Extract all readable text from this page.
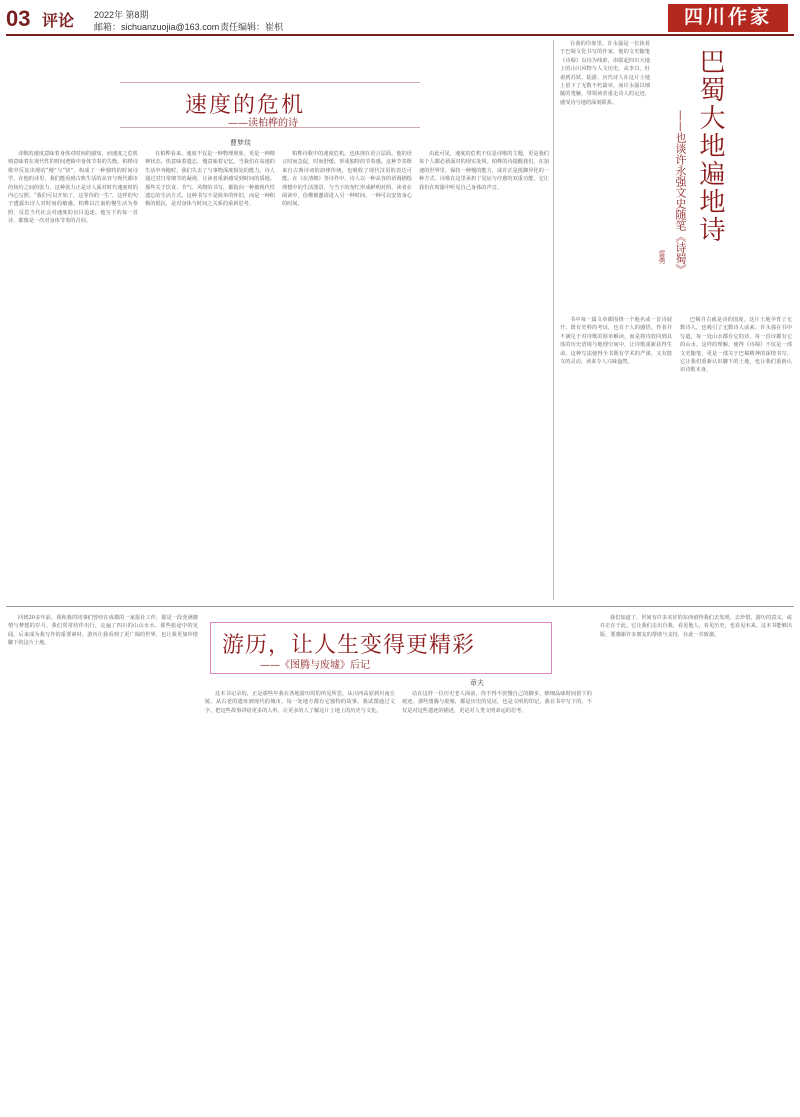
03 评论 2022年 第8期
邮箱：sichuanzuojia@163.com 责任编辑：崔枳	四川作家
速度的危机
——读柏桦的诗
曹梦琰

诗歌的速度意味着身体对时间的感知，而速度之危机则意味着在现代性的时间逻辑中身体节奏的失衡。柏桦诗歌中反复出现的“慢”与“快”，构成了一种独特的时间诗学。在他的诗里，我们能看到古典生活的从容与现代都市的焦灼之间的张力，这种张力正是诗人面对时代速度时的内心写照。“我们可以开始了，这等待的一生”，这样的句子透露出诗人对时间的敏感。柏桦以江南的慢生活为参照，反思当代社会对速度的盲目追逐。他写下的每一首诗，都像是一次对身体节奏的召回。

在柏桦看来，速度不仅是一种物理现象，更是一种精神状态。快意味着遗忘，慢意味着记忆。当我们在高速的生活中奔跑时，我们失去了与事物深度相处的能力。诗人通过对日常细节的凝视，让读者重新感受到时间的质地。那些关于饮食、节气、风物的书写，都指向一种被现代性遗忘的生活方式。这种书写不是简单的怀旧，而是一种积极的抵抗，是对身体与时间之关系的重新思考。

柏桦诗歌中的速度危机，也体现在语言层面。他的语言时而急促，时而舒缓，形成独特的节奏感。这种节奏既来自古典诗词的韵律传统，也吸收了现代汉语的表达可能。在《在清朝》等诗作中，诗人以一种从容的语调描绘理想中的生活图景，与当下的匆忙形成鲜明对照。读者在阅读中，仿佛被邀请进入另一种时间，一种可以安放身心的时间。

由此可见，速度的危机不仅是诗歌的主题，更是我们每个人都必须面对的现实处境。柏桦的诗提醒我们，在加速的世界里，保持一种慢的能力，或许正是抵御异化的一种方式。诗歌在这里承担了见证与疗愈的双重功能，它让我们在喧嚣中听见自己身体的声音。	巴蜀大地遍地诗
——也谈许永强文史随笔《诗蜀》
雷勇

在我的印象里，许永强是一位执着于巴蜀文化书写的作家。他的文史随笔《诗蜀》以诗为线索，串联起四川大地上的山川风物与人文历史。从李白、杜甫到苏轼、陆游，历代诗人在这片土地上留下了无数不朽篇章，而许永强以细腻的笔触，带领读者重走诗人的足迹，感受诗与地的深刻联系。

书中每一篇文章都围绕一个地名或一首诗展开，既有史料的考证，也有个人的感悟。作者并不满足于对诗歌的简单解读，而是将诗放回到具体的历史语境与地理空间中，让诗歌重新获得生命。这种写法使得全书既有学术的严谨，又有散文的灵动，读来令人兴味盎然。

巴蜀自古就是诗的国度。这片土地孕育了无数诗人，也吸引了无数诗人前来。许永强在书中写道，每一处山水都有它的诗，每一首诗都有它的山水。这样的理解，使得《诗蜀》不仅是一部文史随笔，更是一部关于巴蜀精神的深情书写。它让我们重新认识脚下的土地，也让我们重新认识诗歌本身。

游历，让人生变得更精彩
——《图腾与废墟》后记
章夫

回到20多年前，我和我的同事们曾经在成都的一家报社工作，那是一段充满激情与梦想的岁月。我们常常结伴出行，走遍了四川的山山水水。那些旅途中的见闻，后来成为我写作的重要素材。游历让我看到了更广阔的世界，也让我更加珍惜脚下的这片土地。

这本书记录的，正是那些年我在各地游历时的所见所思。从川西高原到川南丘陵，从古老的遗址到现代的城市，每一处地方都有它独特的故事。我试图通过文字，把这些故事讲给更多的人听，让更多的人了解这片土地上的历史与文化。

站在这样一位历史老人面前，你不得不放慢自己的脚步，细细品味时间留下的痕迹。那些图腾与废墟，都是历史的见证，也是文明的印记。我在书中写下的，不仅是对这些遗迹的描述，更是对人类文明命运的思考。

我们知道了，世间有许多美好的东西值得我们去发现、去珍惜。游历的意义，或许正在于此。它让我们走出自我，看见他人，看见历史，也看见未来。这本书能够出版，要感谢许多朋友的帮助与支持，在此一并致谢。
